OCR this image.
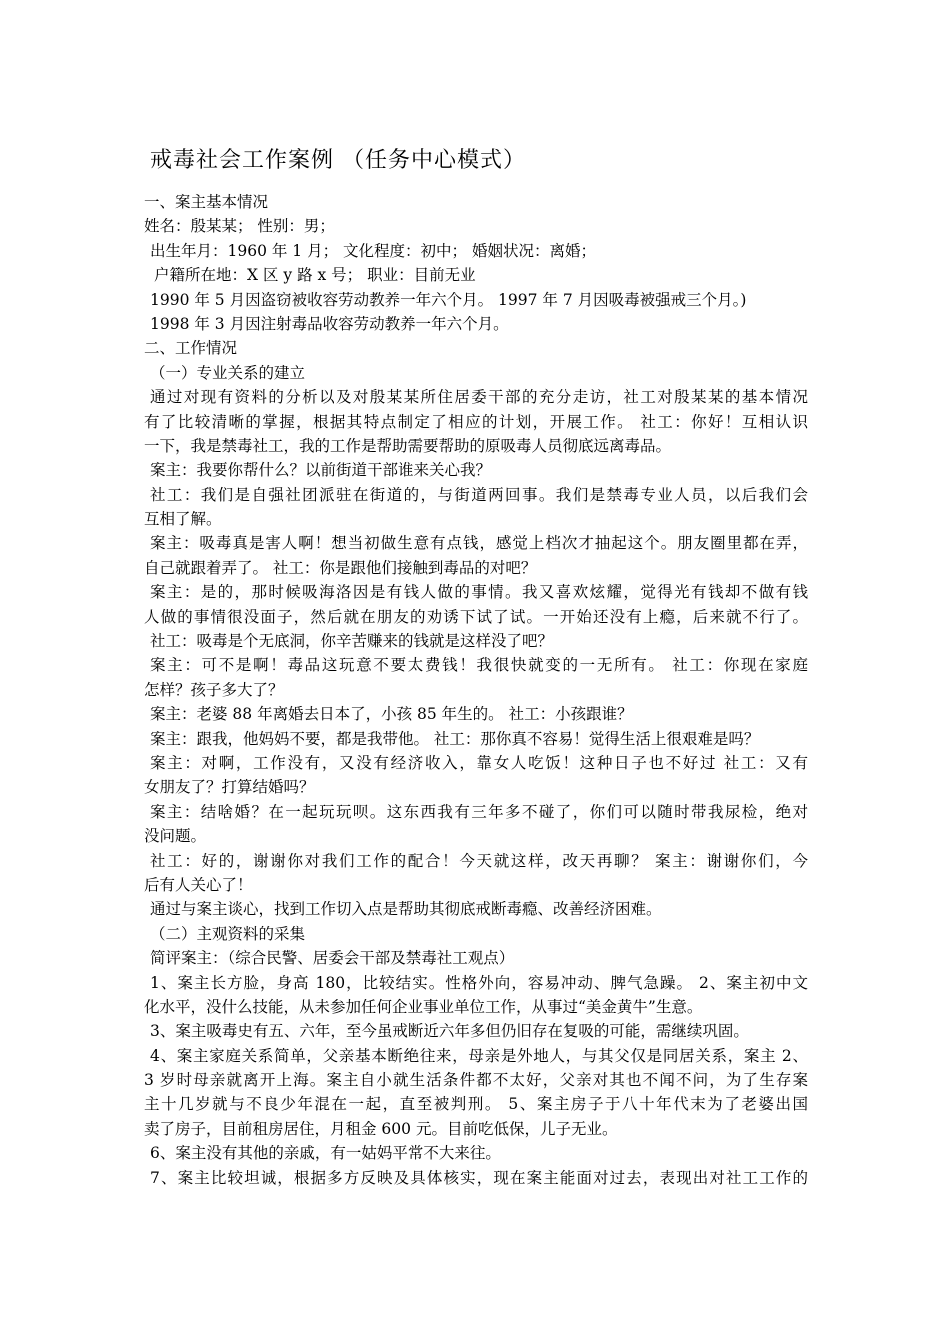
戒毒社会工作案例 （任务中心模式）
一、案主基本情况
姓名：殷某某； 性别：男；
出生年月：1960 年 1 月； 文化程度：初中； 婚姻状况：离婚；
户籍所在地：X 区 y 路 x 号； 职业：目前无业
1990 年 5 月因盗窃被收容劳动教养一年六个月。 1997 年 7 月因吸毒被强戒三个月。)
1998 年 3 月因注射毒品收容劳动教养一年六个月。
二、工作情况
（一）专业关系的建立
通过对现有资料的分析以及对殷某某所住居委干部的充分走访，社工对殷某某的基本情况
有了比较清晰的掌握，根据其特点制定了相应的计划，开展工作。 社工：你好！互相认识
一下，我是禁毒社工，我的工作是帮助需要帮助的原吸毒人员彻底远离毒品。
案主：我要你帮什么？以前街道干部谁来关心我？
社工：我们是自强社团派驻在街道的，与街道两回事。我们是禁毒专业人员，以后我们会
互相了解。
案主：吸毒真是害人啊！想当初做生意有点钱，感觉上档次才抽起这个。朋友圈里都在弄，
自己就跟着弄了。 社工：你是跟他们接触到毒品的对吧？
案主：是的，那时候吸海洛因是有钱人做的事情。我又喜欢炫耀，觉得光有钱却不做有钱
人做的事情很没面子，然后就在朋友的劝诱下试了试。一开始还没有上瘾，后来就不行了。
社工：吸毒是个无底洞，你辛苦赚来的钱就是这样没了吧？
案主：可不是啊！毒品这玩意不要太费钱！我很快就变的一无所有。 社工：你现在家庭
怎样？孩子多大了？
案主：老婆 88 年离婚去日本了，小孩 85 年生的。 社工：小孩跟谁？
案主：跟我，他妈妈不要，都是我带他。 社工：那你真不容易！觉得生活上很艰难是吗？
案主：对啊，工作没有，又没有经济收入，靠女人吃饭！这种日子也不好过 社工：又有
女朋友了？打算结婚吗？
案主：结啥婚？在一起玩玩呗。这东西我有三年多不碰了，你们可以随时带我尿检，绝对
没问题。
社工：好的，谢谢你对我们工作的配合！今天就这样，改天再聊？ 案主：谢谢你们，今
后有人关心了！
通过与案主谈心，找到工作切入点是帮助其彻底戒断毒瘾、改善经济困难。
（二）主观资料的采集
简评案主：（综合民警、居委会干部及禁毒社工观点）
1、案主长方脸，身高 180，比较结实。性格外向，容易冲动、脾气急躁。 2、案主初中文
化水平，没什么技能，从未参加任何企业事业单位工作，从事过“美金黄牛”生意。
3、案主吸毒史有五、六年，至今虽戒断近六年多但仍旧存在复吸的可能，需继续巩固。
4、案主家庭关系简单，父亲基本断绝往来，母亲是外地人，与其父仅是同居关系，案主 2、
3 岁时母亲就离开上海。案主自小就生活条件都不太好，父亲对其也不闻不问，为了生存案
主十几岁就与不良少年混在一起，直至被判刑。 5、案主房子于八十年代末为了老婆出国
卖了房子，目前租房居住，月租金 600 元。目前吃低保，儿子无业。
6、案主没有其他的亲戚，有一姑妈平常不大来往。
7、案主比较坦诚，根据多方反映及具体核实，现在案主能面对过去，表现出对社工工作的
